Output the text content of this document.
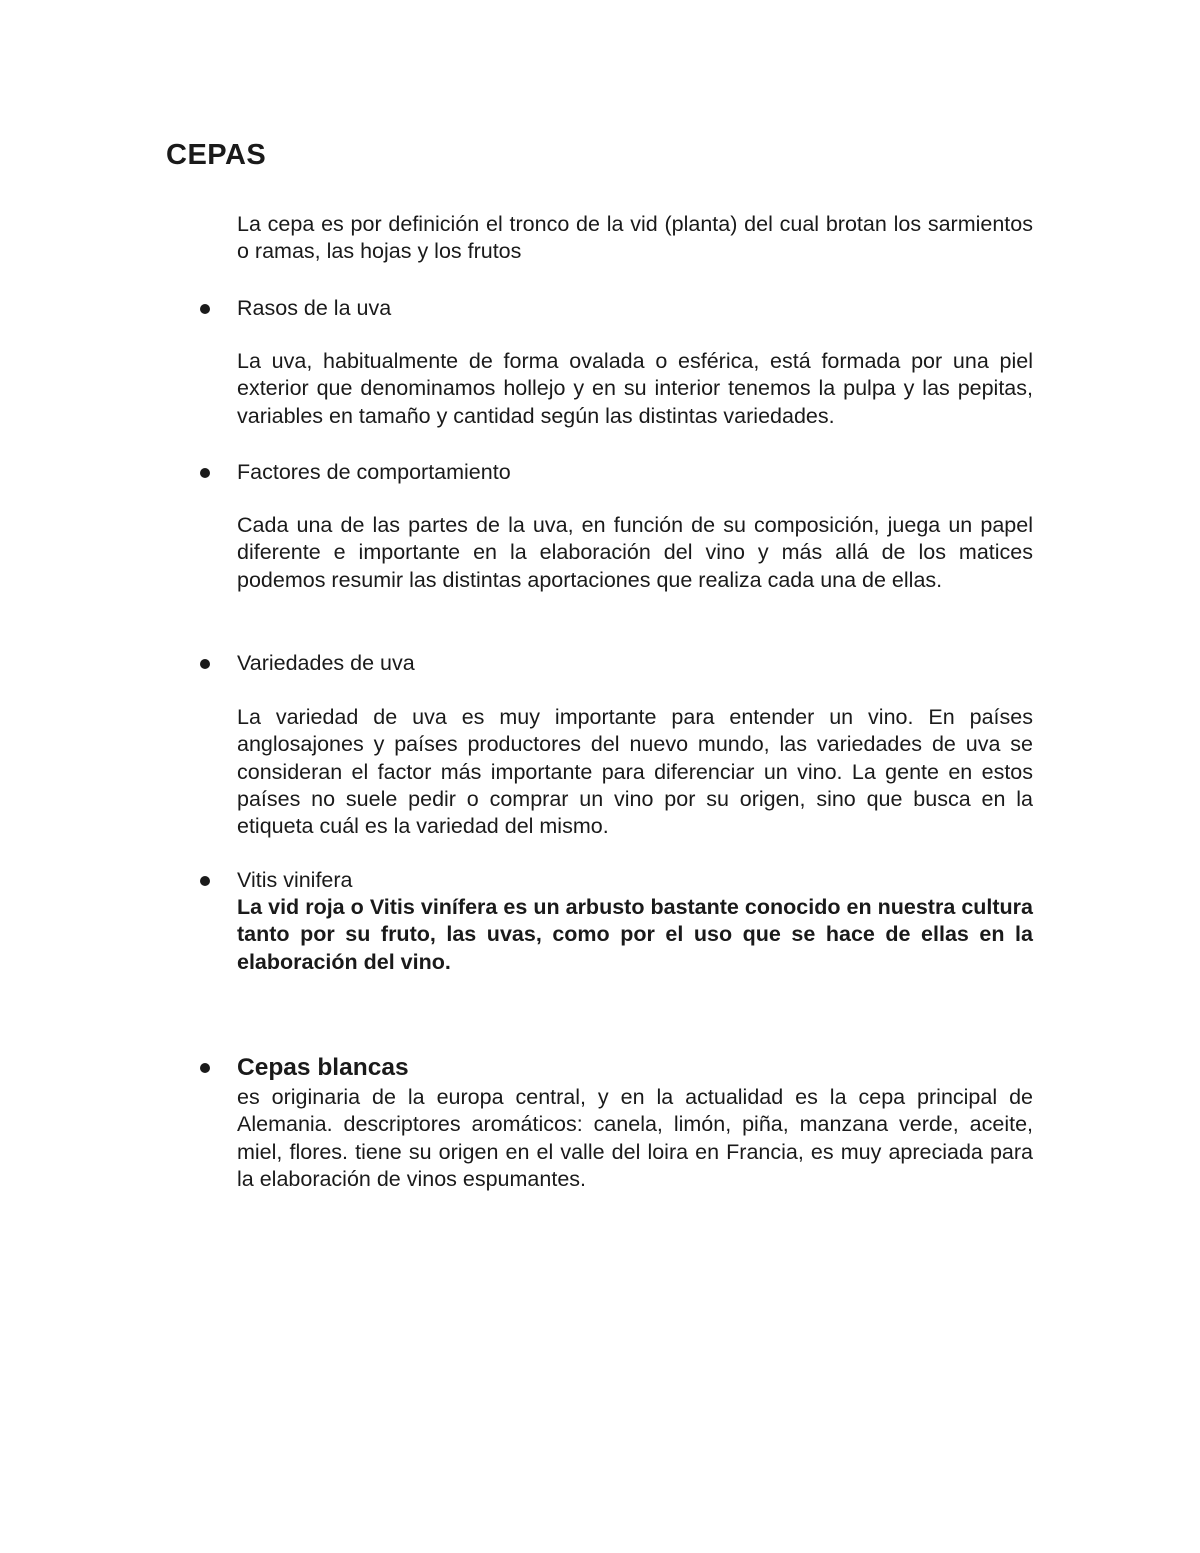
CEPAS

La cepa es por definición el tronco de la vid (planta) del cual brotan los sarmientos o ramas, las hojas y los frutos

Rasos de la uva

La uva, habitualmente de forma ovalada o esférica, está formada por una piel exterior que denominamos hollejo y en su interior tenemos la pulpa y las pepitas, variables en tamaño y cantidad según las distintas variedades.

Factores de comportamiento

Cada una de las partes de la uva, en función de su composición, juega un papel diferente e importante en la elaboración del vino y más allá de los matices podemos resumir las distintas aportaciones que realiza cada una de ellas.

Variedades de uva

La variedad de uva es muy importante para entender un vino. En países anglosajones y países productores del nuevo mundo, las variedades de uva se consideran el factor más importante para diferenciar un vino. La gente en estos países no suele pedir o comprar un vino por su origen, sino que busca en la etiqueta cuál es la variedad del mismo.

Vitis vinifera

La vid roja o Vitis vinífera es un arbusto bastante conocido en nuestra cultura tanto por su fruto, las uvas, como por el uso que se hace de ellas en la elaboración del vino.

Cepas blancas

es originaria de la europa central, y en la actualidad es la cepa principal de Alemania. descriptores aromáticos: canela, limón, piña, manzana verde, aceite, miel, flores. tiene su origen en el valle del loira en Francia, es muy apreciada para la elaboración de vinos espumantes.
